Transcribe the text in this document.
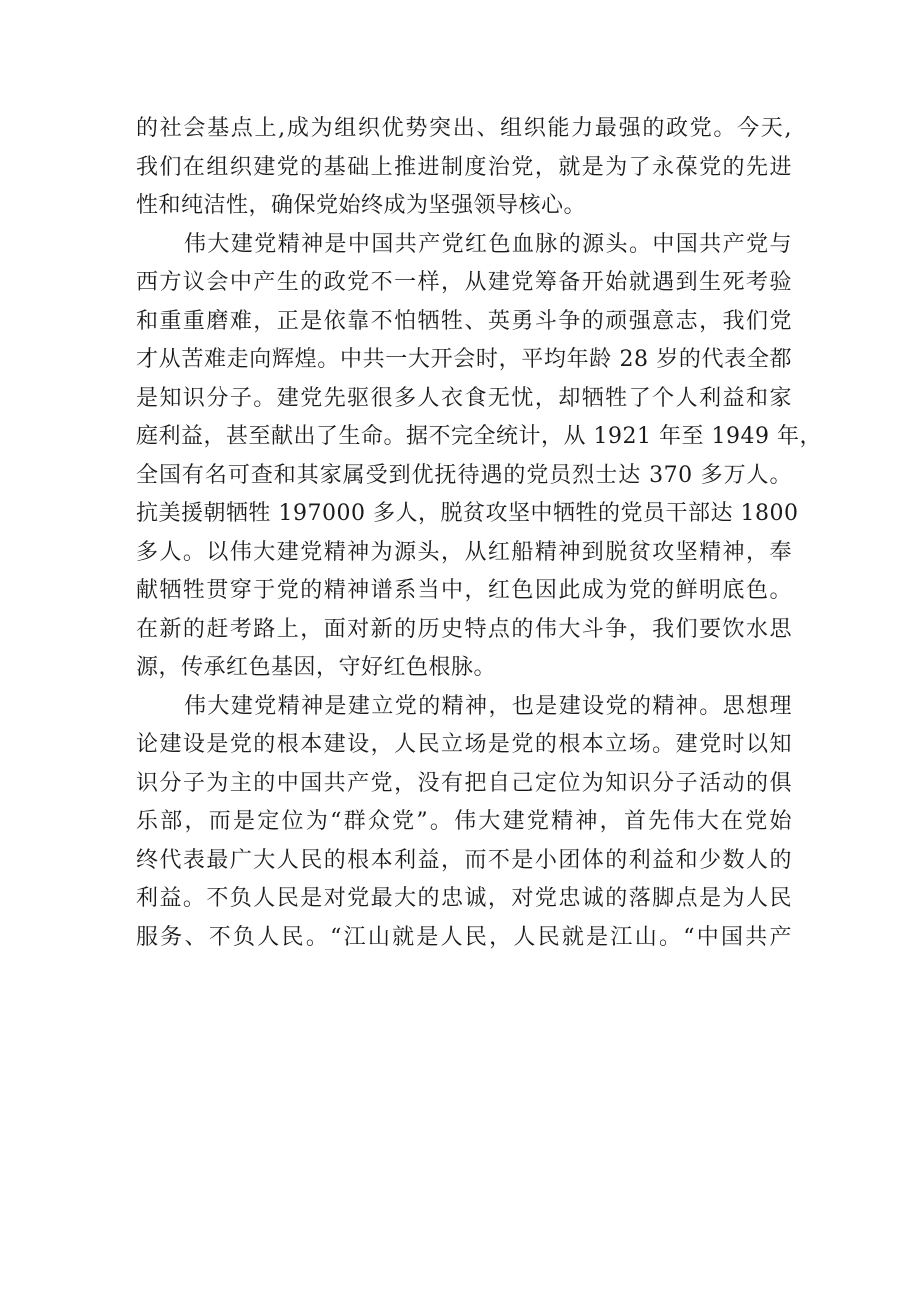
的社会基点上,成为组织优势突出、组织能力最强的政党。今天,
我们在组织建党的基础上推进制度治党，就是为了永葆党的先进
性和纯洁性，确保党始终成为坚强领导核心。
伟大建党精神是中国共产党红色血脉的源头。中国共产党与
西方议会中产生的政党不一样，从建党筹备开始就遇到生死考验
和重重磨难，正是依靠不怕牺牲、英勇斗争的顽强意志，我们党
才从苦难走向辉煌。中共一大开会时，平均年龄 28 岁的代表全都
是知识分子。建党先驱很多人衣食无忧，却牺牲了个人利益和家
庭利益，甚至献出了生命。据不完全统计，从 1921 年至 1949 年，
全国有名可查和其家属受到优抚待遇的党员烈士达 370 多万人。
抗美援朝牺牲 197000 多人，脱贫攻坚中牺牲的党员干部达 1800
多人。以伟大建党精神为源头，从红船精神到脱贫攻坚精神，奉
献牺牲贯穿于党的精神谱系当中，红色因此成为党的鲜明底色。
在新的赶考路上，面对新的历史特点的伟大斗争，我们要饮水思
源，传承红色基因，守好红色根脉。
伟大建党精神是建立党的精神，也是建设党的精神。思想理
论建设是党的根本建设，人民立场是党的根本立场。建党时以知
识分子为主的中国共产党，没有把自己定位为知识分子活动的俱
乐部，而是定位为“群众党”。伟大建党精神，首先伟大在党始
终代表最广大人民的根本利益，而不是小团体的利益和少数人的
利益。不负人民是对党最大的忠诚，对党忠诚的落脚点是为人民
服务、不负人民。“江山就是人民，人民就是江山。“中国共产
